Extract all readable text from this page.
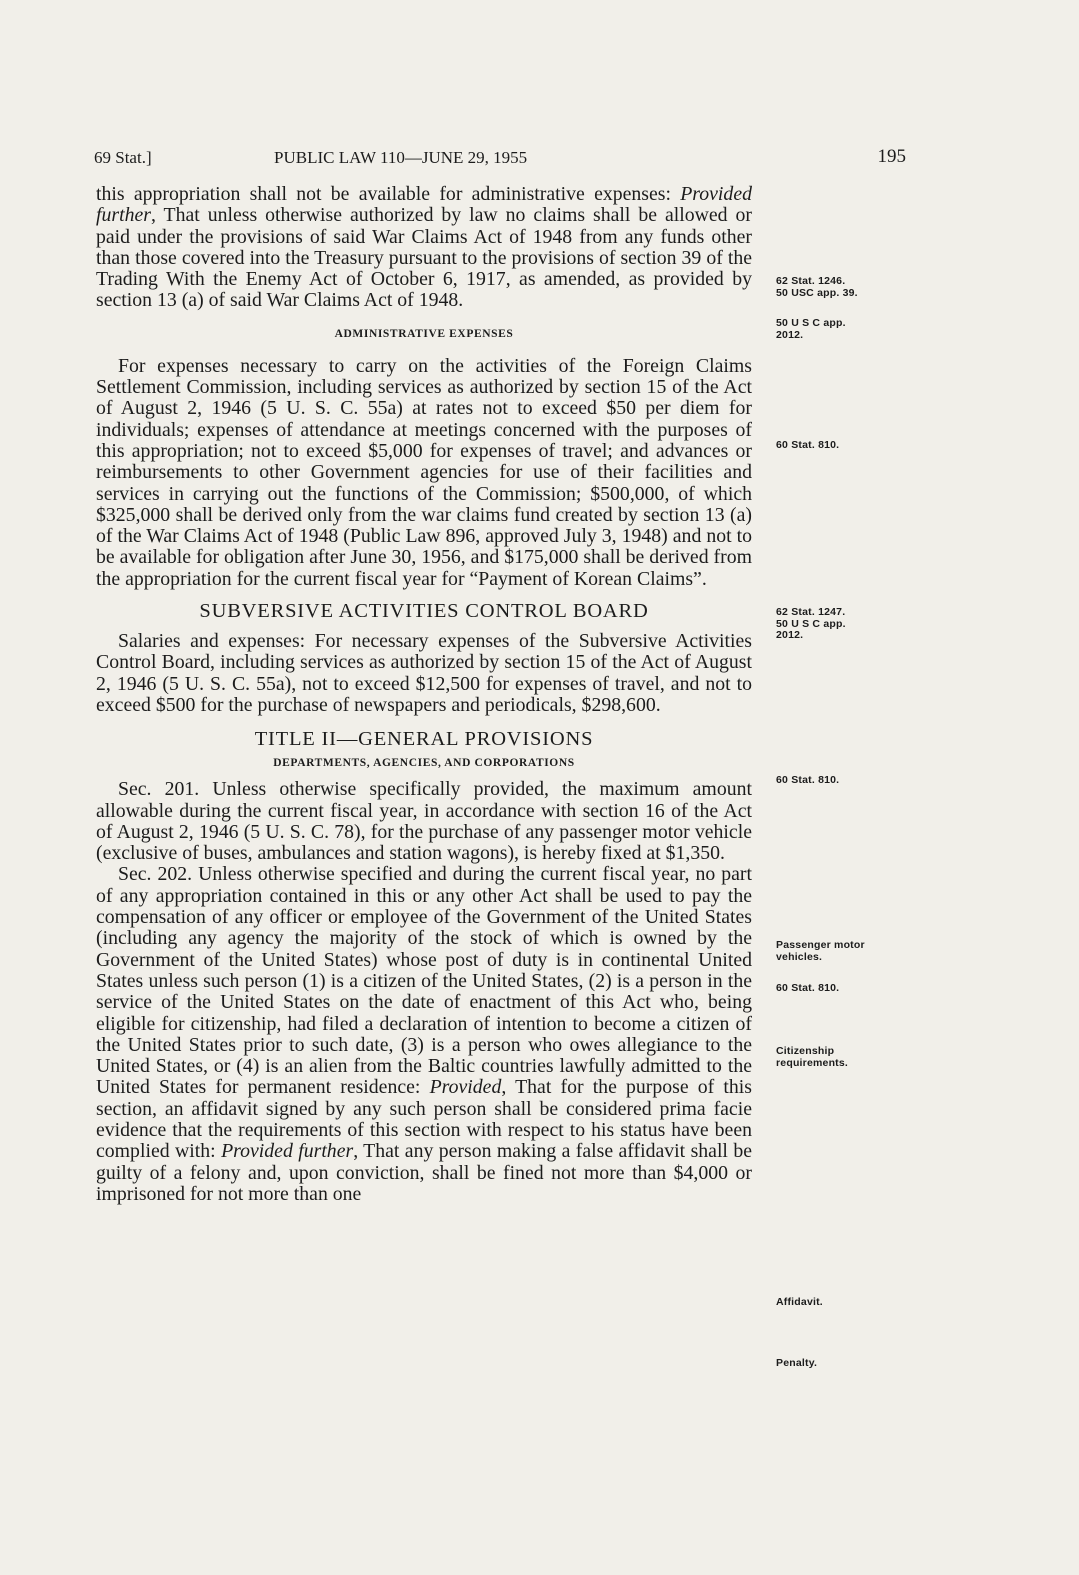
69 Stat.]	PUBLIC LAW 110—JUNE 29, 1955	195

this appropriation shall not be available for administrative expenses: Provided further, That unless otherwise authorized by law no claims shall be allowed or paid under the provisions of said War Claims Act of 1948 from any funds other than those covered into the Treasury pursuant to the provisions of section 39 of the Trading With the Enemy Act of October 6, 1917, as amended, as provided by section 13 (a) of said War Claims Act of 1948.

ADMINISTRATIVE EXPENSES

For expenses necessary to carry on the activities of the Foreign Claims Settlement Commission, including services as authorized by section 15 of the Act of August 2, 1946 (5 U. S. C. 55a) at rates not to exceed $50 per diem for individuals; expenses of attendance at meetings concerned with the purposes of this appropriation; not to exceed $5,000 for expenses of travel; and advances or reimbursements to other Government agencies for use of their facilities and services in carrying out the functions of the Commission; $500,000, of which $325,000 shall be derived only from the war claims fund created by section 13 (a) of the War Claims Act of 1948 (Public Law 896, approved July 3, 1948) and not to be available for obligation after June 30, 1956, and $175,000 shall be derived from the appropriation for the current fiscal year for “Payment of Korean Claims”.

SUBVERSIVE ACTIVITIES CONTROL BOARD

Salaries and expenses: For necessary expenses of the Subversive Activities Control Board, including services as authorized by section 15 of the Act of August 2, 1946 (5 U. S. C. 55a), not to exceed $12,500 for expenses of travel, and not to exceed $500 for the purchase of newspapers and periodicals, $298,600.

TITLE II—GENERAL PROVISIONS

DEPARTMENTS, AGENCIES, AND CORPORATIONS

Sec. 201. Unless otherwise specifically provided, the maximum amount allowable during the current fiscal year, in accordance with section 16 of the Act of August 2, 1946 (5 U. S. C. 78), for the purchase of any passenger motor vehicle (exclusive of buses, ambulances and station wagons), is hereby fixed at $1,350.

Sec. 202. Unless otherwise specified and during the current fiscal year, no part of any appropriation contained in this or any other Act shall be used to pay the compensation of any officer or employee of the Government of the United States (including any agency the majority of the stock of which is owned by the Government of the United States) whose post of duty is in continental United States unless such person (1) is a citizen of the United States, (2) is a person in the service of the United States on the date of enactment of this Act who, being eligible for citizenship, had filed a declaration of intention to become a citizen of the United States prior to such date, (3) is a person who owes allegiance to the United States, or (4) is an alien from the Baltic countries lawfully admitted to the United States for permanent residence: Provided, That for the purpose of this section, an affidavit signed by any such person shall be considered prima facie evidence that the requirements of this section with respect to his status have been complied with: Provided further, That any person making a false affidavit shall be guilty of a felony and, upon conviction, shall be fined not more than $4,000 or imprisoned for not more than one

62 Stat. 1246.
50 USC app. 39.
50 U S C app.
2012.
60 Stat. 810.
62 Stat. 1247.
50 U S C app.
2012.
60 Stat. 810.
Passenger motor vehicles.
60 Stat. 810.
Citizenship requirements.
Affidavit.
Penalty.
